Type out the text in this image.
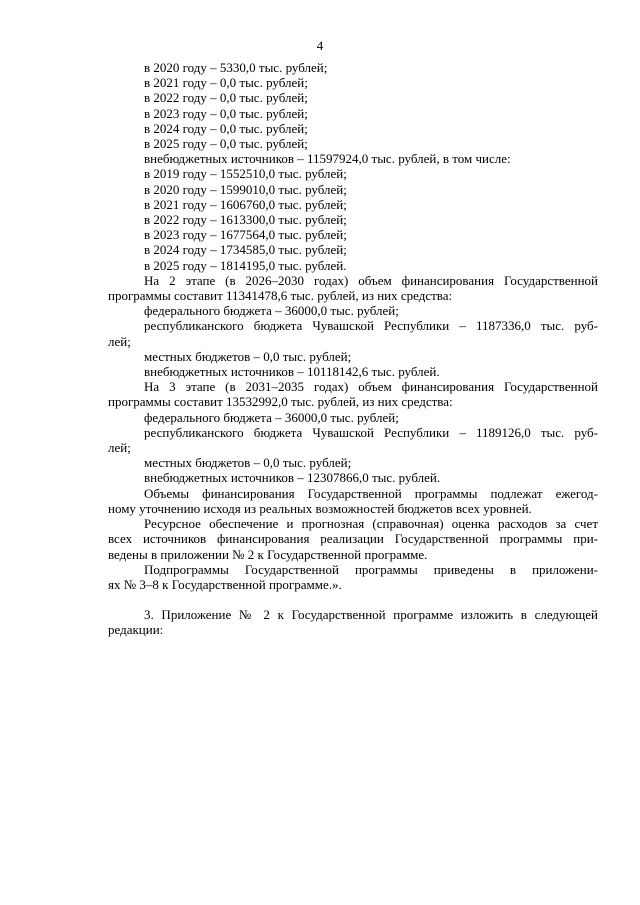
4
в 2020 году – 5330,0 тыс. рублей;
в 2021 году – 0,0 тыс. рублей;
в 2022 году – 0,0 тыс. рублей;
в 2023 году – 0,0 тыс. рублей;
в 2024 году – 0,0 тыс. рублей;
в 2025 году – 0,0 тыс. рублей;
внебюджетных источников – 11597924,0 тыс. рублей, в том числе:
в 2019 году – 1552510,0 тыс. рублей;
в 2020 году – 1599010,0 тыс. рублей;
в 2021 году – 1606760,0 тыс. рублей;
в 2022 году – 1613300,0 тыс. рублей;
в 2023 году – 1677564,0 тыс. рублей;
в 2024 году – 1734585,0 тыс. рублей;
в 2025 году – 1814195,0 тыс. рублей.
На 2 этапе (в 2026–2030 годах) объем финансирования Государственной
программы составит 11341478,6 тыс. рублей, из них средства:
федерального бюджета – 36000,0 тыс. рублей;
республиканского бюджета Чувашской Республики – 1187336,0 тыс. руб-
лей;
местных бюджетов – 0,0 тыс. рублей;
внебюджетных источников – 10118142,6 тыс. рублей.
На 3 этапе (в 2031–2035 годах) объем финансирования Государственной
программы составит 13532992,0 тыс. рублей, из них средства:
федерального бюджета – 36000,0 тыс. рублей;
республиканского бюджета Чувашской Республики – 1189126,0 тыс. руб-
лей;
местных бюджетов – 0,0 тыс. рублей;
внебюджетных источников – 12307866,0 тыс. рублей.
Объемы финансирования Государственной программы подлежат ежегод-
ному уточнению исходя из реальных возможностей бюджетов всех уровней.
Ресурсное обеспечение и прогнозная (справочная) оценка расходов за счет
всех источников финансирования реализации Государственной программы при-
ведены в приложении № 2 к Государственной программе.
Подпрограммы Государственной программы приведены в приложени-
ях № 3–8 к Государственной программе.».
3. Приложение № 2 к Государственной программе изложить в следующей
редакции:
